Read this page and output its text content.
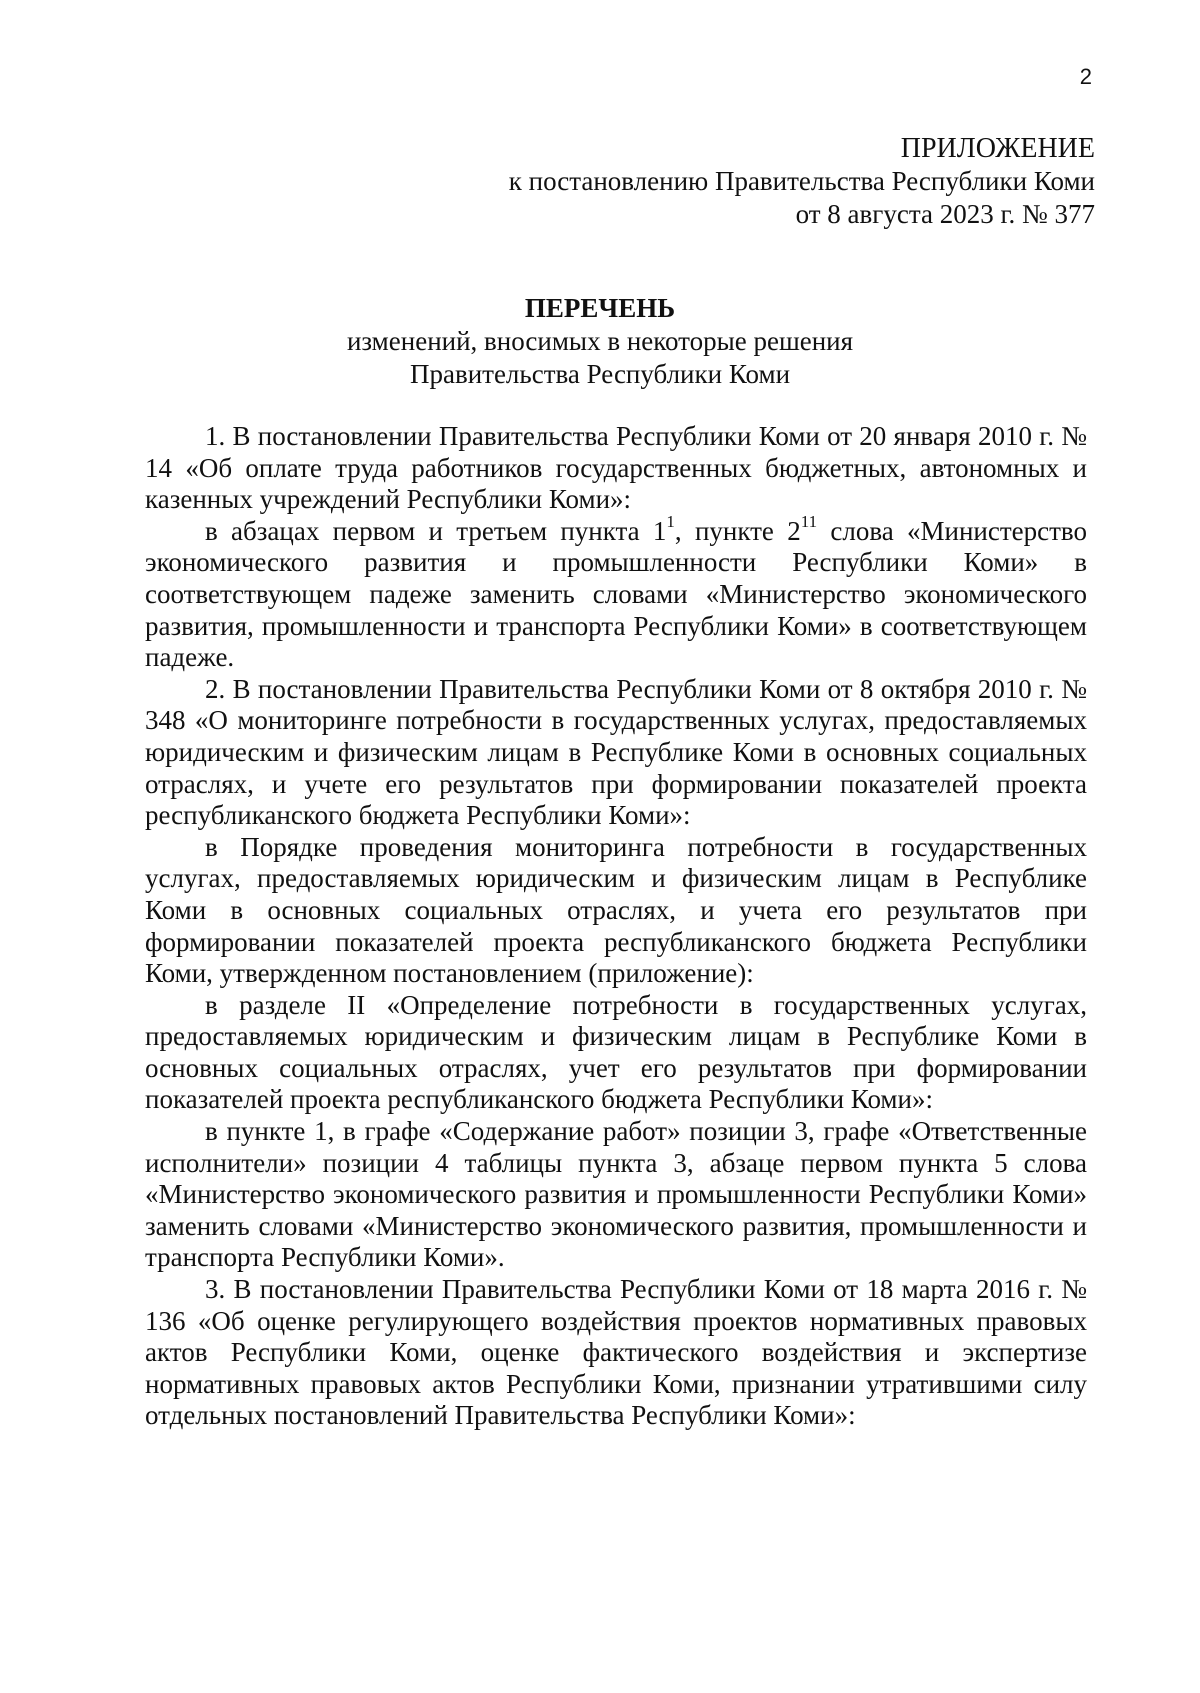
2
ПРИЛОЖЕНИЕ
к постановлению Правительства Республики Коми
от 8 августа 2023 г. № 377
ПЕРЕЧЕНЬ
изменений, вносимых в некоторые решения
Правительства Республики Коми

1. В постановлении Правительства Республики Коми от 20 января 2010 г. № 14 «Об оплате труда работников государственных бюджетных, автономных и казенных учреждений Республики Коми»:

в абзацах первом и третьем пункта $1^1$, пункте $2^{11}$ слова «Министерство экономического развития и промышленности Республики Коми» в соответствующем падеже заменить словами «Министерство экономического развития, промышленности и транспорта Республики Коми» в соответствующем падеже.

2. В постановлении Правительства Республики Коми от 8 октября 2010 г. № 348 «О мониторинге потребности в государственных услугах, предоставляемых юридическим и физическим лицам в Республике Коми в основных социальных отраслях, и учете его результатов при формировании показателей проекта республиканского бюджета Республики Коми»:

в Порядке проведения мониторинга потребности в государственных услугах, предоставляемых юридическим и физическим лицам в Республике Коми в основных социальных отраслях, и учета его результатов при формировании показателей проекта республиканского бюджета Республики Коми, утвержденном постановлением (приложение):

в разделе II «Определение потребности в государственных услугах, предоставляемых юридическим и физическим лицам в Республике Коми в основных социальных отраслях, учет его результатов при формировании показателей проекта республиканского бюджета Республики Коми»:

в пункте 1, в графе «Содержание работ» позиции 3, графе «Ответственные исполнители» позиции 4 таблицы пункта 3, абзаце первом пункта 5 слова «Министерство экономического развития и промышленности Республики Коми» заменить словами «Министерство экономического развития, промышленности и транспорта Республики Коми».

3. В постановлении Правительства Республики Коми от 18 марта 2016 г. № 136 «Об оценке регулирующего воздействия проектов нормативных правовых актов Республики Коми, оценке фактического воздействия и экспертизе нормативных правовых актов Республики Коми, признании утратившими силу отдельных постановлений Правительства Республики Коми»:
